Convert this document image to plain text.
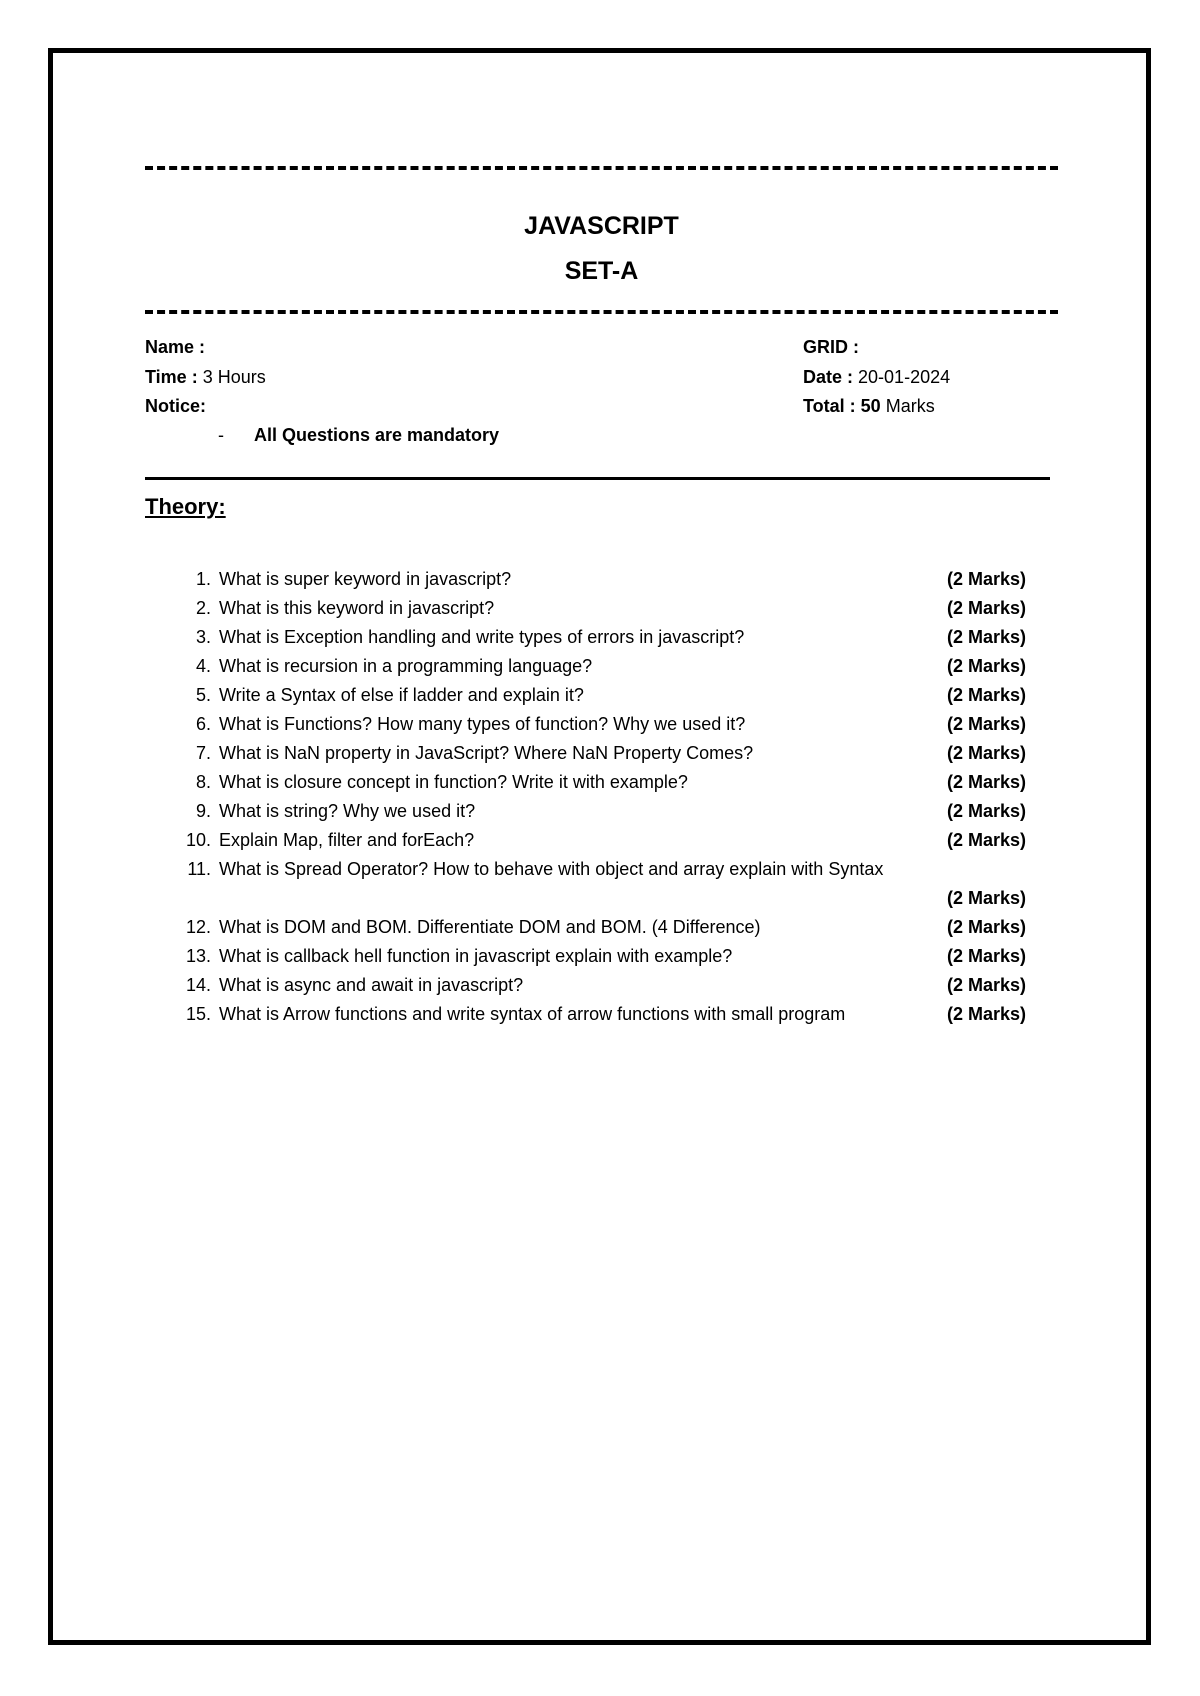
JAVASCRIPT
SET-A
Name :	GRID :
Time : 3 Hours	Date : 20-01-2024
Notice:	Total : 50 Marks
- All Questions are mandatory
Theory:
1. What is super keyword in javascript?	(2 Marks)
2. What is this keyword in javascript?	(2 Marks)
3. What is Exception handling and write types of errors in javascript?	(2 Marks)
4. What is recursion in a programming language?	(2 Marks)
5. Write a Syntax of else if ladder and explain it?	(2 Marks)
6. What is Functions? How many types of function? Why we used it?	(2 Marks)
7. What is NaN property in JavaScript? Where NaN Property Comes?	(2 Marks)
8. What is closure concept in function? Write it with example?	(2 Marks)
9. What is string? Why we used it?	(2 Marks)
10. Explain Map, filter and forEach?	(2 Marks)
11. What is Spread Operator? How to behave with object and array explain with Syntax
(2 Marks)
12. What is DOM and BOM. Differentiate DOM and BOM. (4 Difference)	(2 Marks)
13. What is callback hell function in javascript explain with example?	(2 Marks)
14. What is async and await in javascript?	(2 Marks)
15. What is Arrow functions and write syntax of arrow functions with small program	(2 Marks)
